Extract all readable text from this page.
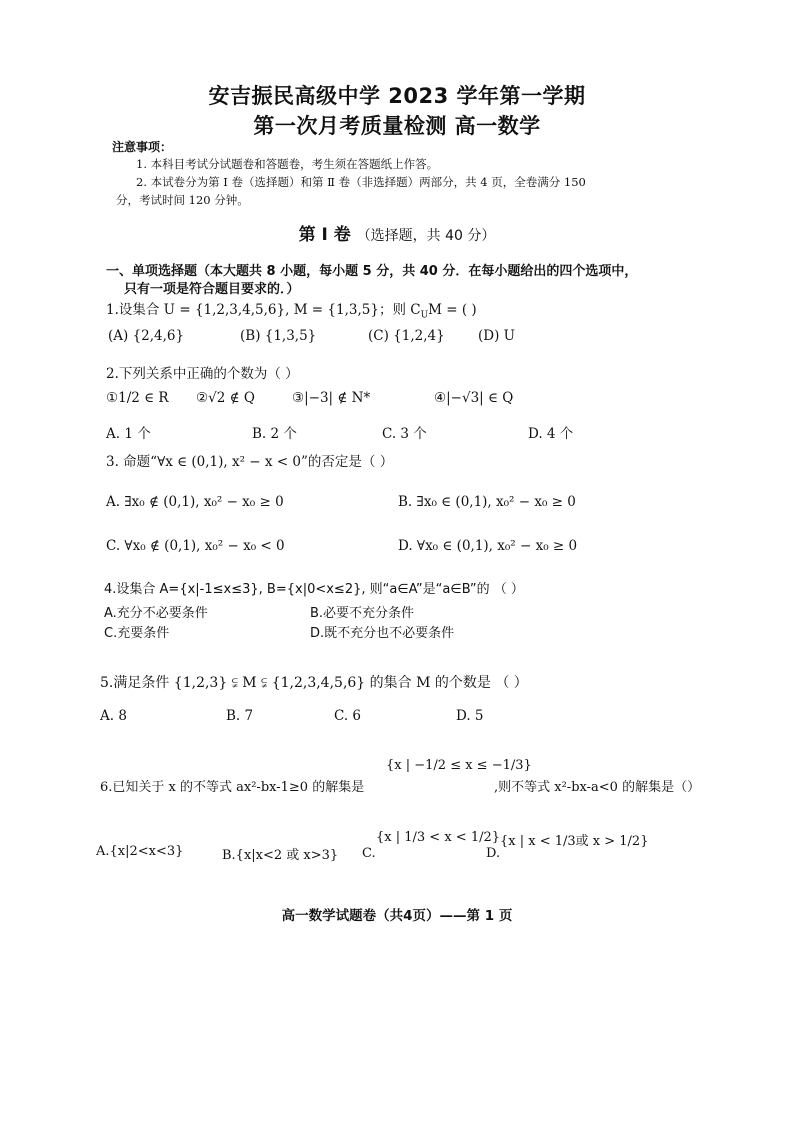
安吉振民高级中学 2023 学年第一学期
第一次月考质量检测 高一数学
注意事项：
1. 本科目考试分试题卷和答题卷，考生须在答题纸上作答。
2. 本试卷分为第 Ⅰ 卷（选择题）和第 Ⅱ 卷（非选择题）两部分，共 4 页，全卷满分 150
分，考试时间 120 分钟。
第 Ⅰ 卷 （选择题，共 40 分）
一、单项选择题（本大题共 8 小题，每小题 5 分，共 40 分．在每小题给出的四个选项中，
只有一项是符合题目要求的．）
1.设集合 U = {1,2,3,4,5,6}, M = {1,3,5}；则 $C_UM$ = ( )
(A) {2,4,6}	(B) {1,3,5}	(C) {1,2,4} (D) U
2.下列关系中正确的个数为（ ）
①1/2 ∈ R ②√2 ∉ Q	③|−3| ∉ N*	④|−√3| ∈ Q
A. 1 个	B. 2 个	C. 3 个	D. 4 个
3. 命题“∀x ∈ (0,1), x² − x < 0”的否定是（ ）
A. ∃x₀ ∉ (0,1), x₀² − x₀ ≥ 0	B. ∃x₀ ∈ (0,1), x₀² − x₀ ≥ 0
C. ∀x₀ ∉ (0,1), x₀² − x₀ < 0	D. ∀x₀ ∈ (0,1), x₀² − x₀ ≥ 0
4.设集合 A={x|-1≤x≤3}, B={x|0<x≤2}, 则“a∈A”是“a∈B”的 （ ）
A.充分不必要条件	B.必要不充分条件
C.充要条件	D.既不充分也不必要条件
5.满足条件 {1,2,3} ⫋ M ⫋ {1,2,3,4,5,6} 的集合 M 的个数是 （ ）
A. 8	B. 7	C. 6	D. 5
6.已知关于 x 的不等式 ax²-bx-1≥0 的解集是
{x | −1/2 ≤ x ≤ −1/3}
,则不等式 x²-bx-a<0 的解集是（）
A.{x|2<x<3}	B.{x|x<2 或 x>3} C.
{x | 1/3 < x < 1/2}
D.
{x | x < 1/3或 x > 1/2}
高一数学试题卷（共4页）——第 1 页
